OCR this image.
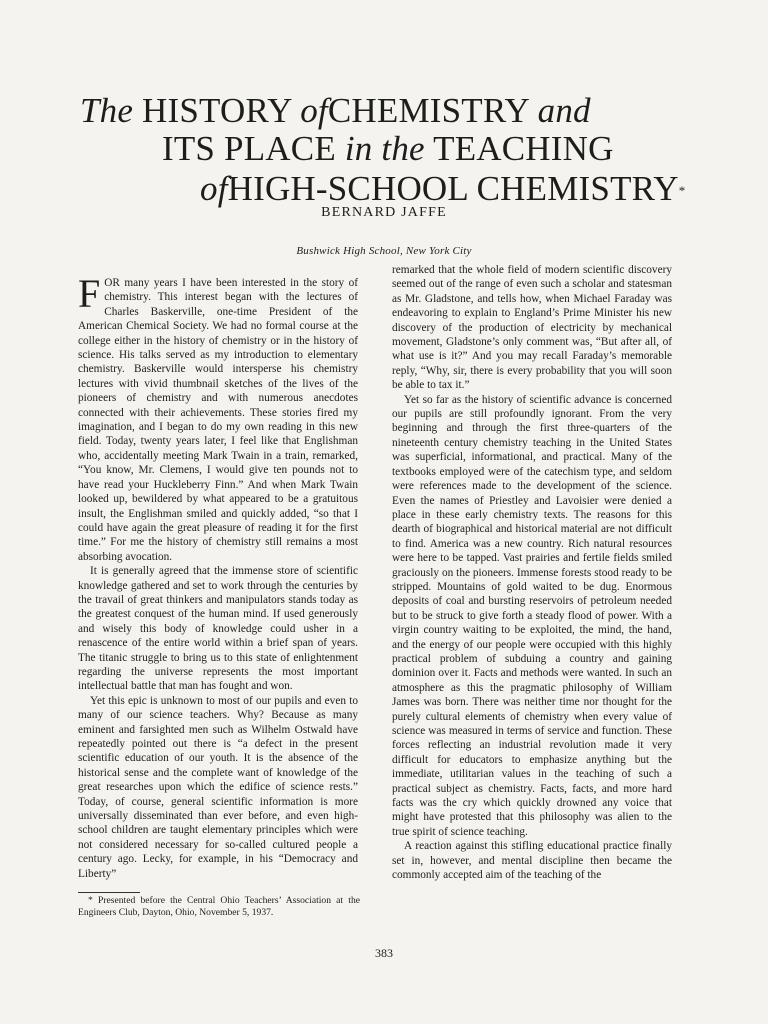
The HISTORY ofCHEMISTRY and
ITS PLACE in the TEACHING
ofHIGH-SCHOOL CHEMISTRY*
BERNARD JAFFE
Bushwick High School, New York City

FOR many years I have been interested in the story of chemistry. This interest began with the lectures of Charles Baskerville, one-time President of the American Chemical Society. We had no formal course at the college either in the history of chemistry or in the history of science. His talks served as my introduction to elementary chemistry. Baskerville would intersperse his chemistry lectures with vivid thumbnail sketches of the lives of the pioneers of chemistry and with numerous anecdotes connected with their achievements. These stories fired my imagination, and I began to do my own reading in this new field. Today, twenty years later, I feel like that Englishman who, accidentally meeting Mark Twain in a train, remarked, “You know, Mr. Clemens, I would give ten pounds not to have read your Huckleberry Finn.” And when Mark Twain looked up, bewildered by what appeared to be a gratuitous insult, the Englishman smiled and quickly added, “so that I could have again the great pleasure of reading it for the first time.” For me the history of chemistry still remains a most absorbing avocation.

It is generally agreed that the immense store of scientific knowledge gathered and set to work through the centuries by the travail of great thinkers and manipulators stands today as the greatest conquest of the human mind. If used generously and wisely this body of knowledge could usher in a renascence of the entire world within a brief span of years. The titanic struggle to bring us to this state of enlightenment regarding the universe represents the most important intellectual battle that man has fought and won.

Yet this epic is unknown to most of our pupils and even to many of our science teachers. Why? Because as many eminent and farsighted men such as Wilhelm Ostwald have repeatedly pointed out there is “a defect in the present scientific education of our youth. It is the absence of the historical sense and the complete want of knowledge of the great researches upon which the edifice of science rests.” Today, of course, general scientific information is more universally disseminated than ever before, and even high-school children are taught elementary principles which were not considered necessary for so-called cultured people a century ago. Lecky, for example, in his “Democracy and Liberty”

remarked that the whole field of modern scientific discovery seemed out of the range of even such a scholar and statesman as Mr. Gladstone, and tells how, when Michael Faraday was endeavoring to explain to England’s Prime Minister his new discovery of the production of electricity by mechanical movement, Gladstone’s only comment was, “But after all, of what use is it?” And you may recall Faraday’s memorable reply, “Why, sir, there is every probability that you will soon be able to tax it.”

Yet so far as the history of scientific advance is concerned our pupils are still profoundly ignorant. From the very beginning and through the first three-quarters of the nineteenth century chemistry teaching in the United States was superficial, informational, and practical. Many of the textbooks employed were of the catechism type, and seldom were references made to the development of the science. Even the names of Priestley and Lavoisier were denied a place in these early chemistry texts. The reasons for this dearth of biographical and historical material are not difficult to find. America was a new country. Rich natural resources were here to be tapped. Vast prairies and fertile fields smiled graciously on the pioneers. Immense forests stood ready to be stripped. Mountains of gold waited to be dug. Enormous deposits of coal and bursting reservoirs of petroleum needed but to be struck to give forth a steady flood of power. With a virgin country waiting to be exploited, the mind, the hand, and the energy of our people were occupied with this highly practical problem of subduing a country and gaining dominion over it. Facts and methods were wanted. In such an atmosphere as this the pragmatic philosophy of William James was born. There was neither time nor thought for the purely cultural elements of chemistry when every value of science was measured in terms of service and function. These forces reflecting an industrial revolution made it very difficult for educators to emphasize anything but the immediate, utilitarian values in the teaching of such a practical subject as chemistry. Facts, facts, and more hard facts was the cry which quickly drowned any voice that might have protested that this philosophy was alien to the true spirit of science teaching.

A reaction against this stifling educational practice finally set in, however, and mental discipline then became the commonly accepted aim of the teaching of the

* Presented before the Central Ohio Teachers’ Association at the Engineers Club, Dayton, Ohio, November 5, 1937.
383
